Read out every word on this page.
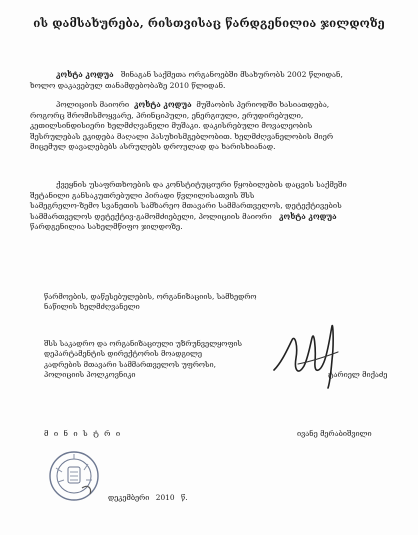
ის დამსახურება, რისთვისაც წარდგენილია ჯილდოზე
კოხტა კოდუა შინაგან საქმეთა ორგანოებში მსახურობს 2002 წლიდან,
ხოლო დაკავებულ თანამდებობაზე 2010 წლიდან.
პოლიციის მაიორი კოხტა კოდუა მუშაობის პერიოდში ხასიათდება,
როგორც შრომისმოყვარე, პრინციპული, ენერგიული, ერუდირებული,
კეთილსინდისიერი ხელმძღვანელი მუშაკი. დაკისრებული მოვალეობის
შესრულებას ეკიდება მაღალი პასუხისმგებლობით. ხელმძღვანელობის მიერ
მიცემულ დავალებებს ასრულებს დროულად და ხარისხიანად.
ქვეყნის უსაფრთხოების და კონსტიტუციური წყობილების დაცვის საქმეში
შეტანილი განსაკუთრებული პირადი წვლილისათვის შსს
სამეგრელო-ზემო სვანეთის სამხარეო მთავარი სამმართველოს, დეტექტივების
სამმართველოს დეტექტივ-გამომძიებელი, პოლიციის მაიორი კოხტა კოდუა
წარდგენილია სახელმწიფო ჯილდოზე.
წარმოების, დაწესებულების, ორგანიზაციის, სამხედრო
ნაწილის ხელმძღვანელი
შსს საკადრო და ორგანიზაციული უზრუნველყოფის
დეპარტამენტის დირექტორის მოადგილე
კადრების მთავარი სამმართველოს უფროსი,
პოლიციის პოლკოვნიკი	ტარიელ მიქაძე
მ ი ნ ი ს ტ რ ი	ივანე მერაბიშვილი
დეკემბერი 2010 წ.
